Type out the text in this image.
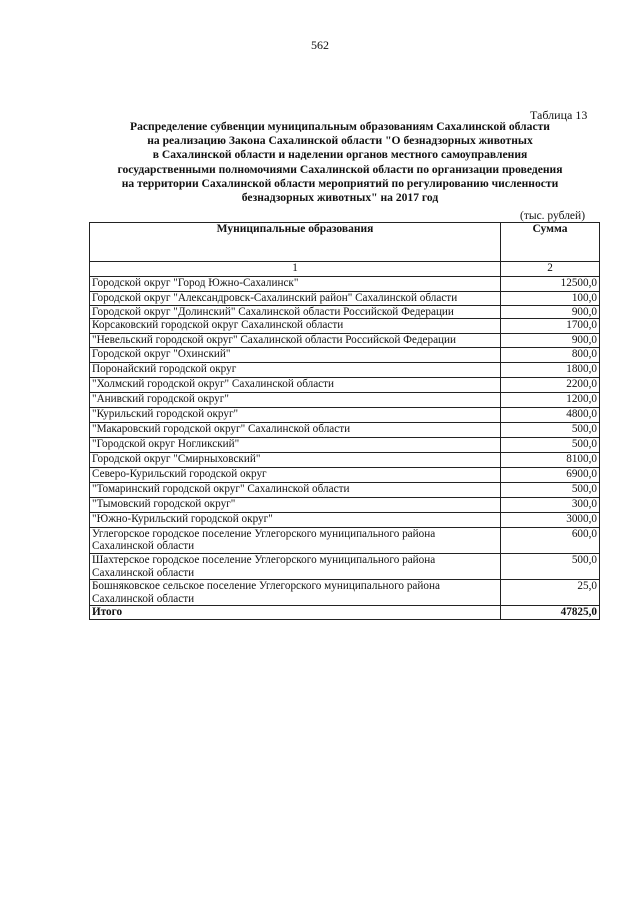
562
Таблица 13
Распределение субвенции муниципальным образованиям Сахалинской области
на реализацию Закона Сахалинской области "О безнадзорных животных
в Сахалинской области и наделении органов местного самоуправления
государственными полномочиями Сахалинской области по организации проведения
на территории Сахалинской области мероприятий по регулированию численности
безнадзорных животных" на 2017 год
(тыс. рублей)
Муниципальные образования	Сумма
1	2
Городской округ "Город Южно-Сахалинск"	12500,0
Городской округ "Александровск-Сахалинский район" Сахалинской области	100,0
Городской округ "Долинский" Сахалинской области Российской Федерации	900,0
Корсаковский городской округ Сахалинской области	1700,0
"Невельский городской округ" Сахалинской области Российской Федерации	900,0
Городской округ "Охинский"	800,0
Поронайский городской округ	1800,0
"Холмский городской округ" Сахалинской области	2200,0
"Анивский городской округ"	1200,0
"Курильский городской округ"	4800,0
"Макаровский городской округ" Сахалинской области	500,0
"Городской округ Ногликский"	500,0
Городской округ "Смирныховский"	8100,0
Северо-Курильский городской округ	6900,0
"Томаринский городской округ" Сахалинской области	500,0
"Тымовский городской округ"	300,0
"Южно-Курильский городской округ"	3000,0
Углегорское городское поселение Углегорского муниципального района Сахалинской области	600,0
Шахтерское городское поселение Углегорского муниципального района Сахалинской области	500,0
Бошняковское сельское поселение Углегорского муниципального района Сахалинской области	25,0
Итого	47825,0
